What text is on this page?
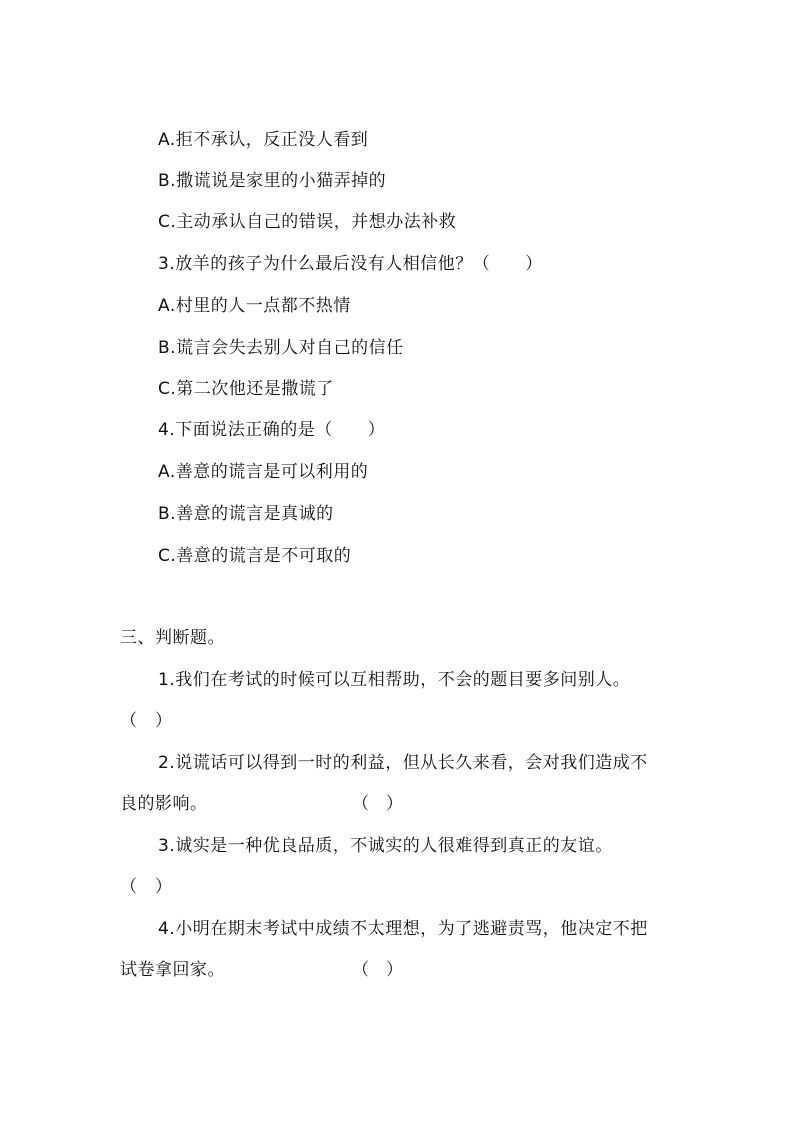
A.拒不承认，反正没人看到
B.撒谎说是家里的小猫弄掉的
C.主动承认自己的错误，并想办法补救
3.放羊的孩子为什么最后没有人相信他？（　　）
A.村里的人一点都不热情
B.谎言会失去别人对自己的信任
C.第二次他还是撒谎了
4.下面说法正确的是（　　）
A.善意的谎言是可以利用的
B.善意的谎言是真诚的
C.善意的谎言是不可取的
三、判断题。
1.我们在考试的时候可以互相帮助，不会的题目要多问别人。
（　）
2.说谎话可以得到一时的利益，但从长久来看，会对我们造成不
良的影响。	（　）
3.诚实是一种优良品质，不诚实的人很难得到真正的友谊。
（　）
4.小明在期末考试中成绩不太理想，为了逃避责骂，他决定不把
试卷拿回家。	（　）
